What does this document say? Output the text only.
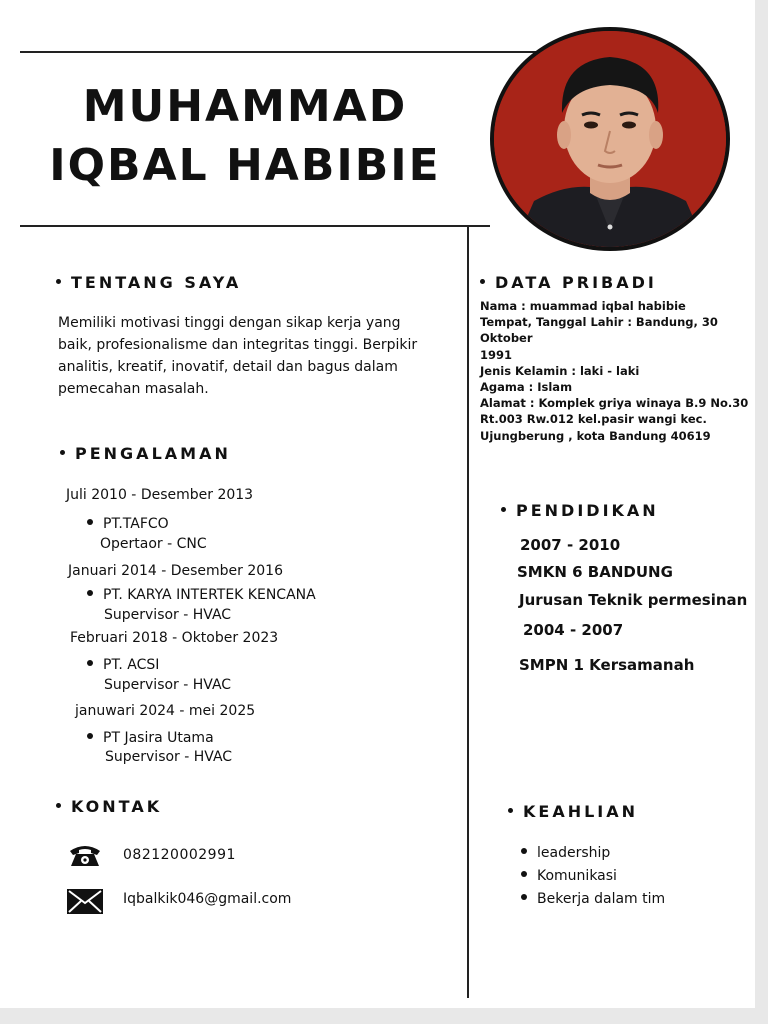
MUHAMMAD
IQBAL HABIBIE
TENTANG SAYA
Memiliki motivasi tinggi dengan sikap kerja yang baik, profesionalisme dan integritas tinggi. Berpikir analitis, kreatif, inovatif, detail dan bagus dalam pemecahan masalah.
PENGALAMAN
Juli 2010 - Desember 2013
PT.TAFCO
Opertaor - CNC
Januari 2014 - Desember 2016
PT. KARYA INTERTEK KENCANA
Supervisor - HVAC
Februari 2018 - Oktober 2023
PT. ACSI
Supervisor - HVAC
januwari 2024 - mei 2025
PT Jasira Utama
Supervisor - HVAC
KONTAK
082120002991
Iqbalkik046@gmail.com
DATA PRIBADI
Nama : muammad iqbal habibie
Tempat, Tanggal Lahir : Bandung, 30 Oktober
1991
Jenis Kelamin : laki - laki
Agama : Islam
Alamat : Komplek griya winaya B.9 No.30
Rt.003 Rw.012 kel.pasir wangi kec.
Ujungberung , kota Bandung 40619
PENDIDIKAN
2007 - 2010
SMKN 6 BANDUNG
Jurusan Teknik permesinan
2004 - 2007
SMPN 1 Kersamanah
KEAHLIAN
leadership
Komunikasi
Bekerja dalam tim
